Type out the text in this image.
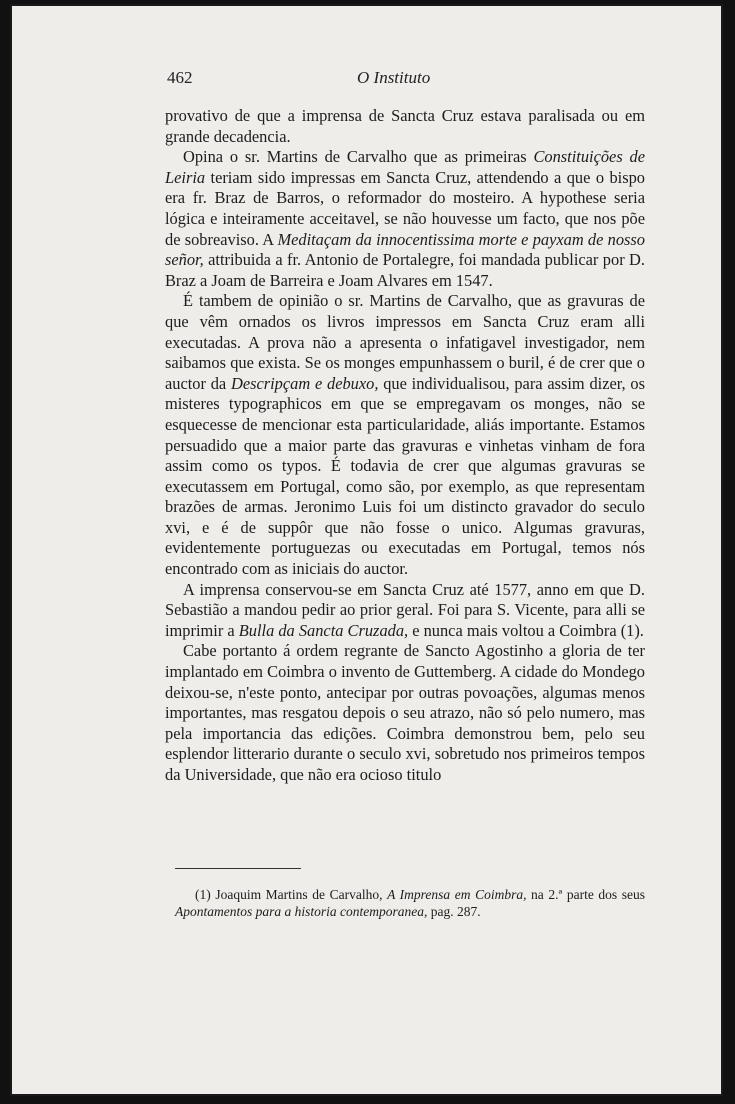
462	O Instituto

provativo de que a imprensa de Sancta Cruz estava paralisada ou em grande decadencia.

Opina o sr. Martins de Carvalho que as primeiras Constituições de Leiria teriam sido impressas em Sancta Cruz, attendendo a que o bispo era fr. Braz de Barros, o reformador do mosteiro. A hypothese seria lógica e inteiramente acceitavel, se não houvesse um facto, que nos põe de sobreaviso. A Meditaçam da innocentissima morte e payxam de nosso señor, attribuida a fr. Antonio de Portalegre, foi mandada publicar por D. Braz a Joam de Barreira e Joam Alvares em 1547.

É tambem de opinião o sr. Martins de Carvalho, que as gravuras de que vêm ornados os livros impressos em Sancta Cruz eram alli executadas. A prova não a apresenta o infatigavel investigador, nem saibamos que exista. Se os monges empunhassem o buril, é de crer que o auctor da Descripçam e debuxo, que individualisou, para assim dizer, os misteres typographicos em que se empregavam os monges, não se esquecesse de mencionar esta particularidade, aliás importante. Estamos persuadido que a maior parte das gravuras e vinhetas vinham de fora assim como os typos. É todavia de crer que algumas gravuras se executassem em Portugal, como são, por exemplo, as que representam brazões de armas. Jeronimo Luis foi um distincto gravador do seculo xvi, e é de suppôr que não fosse o unico. Algumas gravuras, evidentemente portuguezas ou executadas em Portugal, temos nós encontrado com as iniciais do auctor.

A imprensa conservou-se em Sancta Cruz até 1577, anno em que D. Sebastião a mandou pedir ao prior geral. Foi para S. Vicente, para alli se imprimir a Bulla da Sancta Cruzada, e nunca mais voltou a Coimbra (1).

Cabe portanto á ordem regrante de Sancto Agostinho a gloria de ter implantado em Coimbra o invento de Guttemberg. A cidade do Mondego deixou-se, n'este ponto, antecipar por outras povoações, algumas menos importantes, mas resgatou depois o seu atrazo, não só pelo numero, mas pela importancia das edições. Coimbra demonstrou bem, pelo seu esplendor litterario durante o seculo xvi, sobretudo nos primeiros tempos da Universidade, que não era ocioso titulo

(1) Joaquim Martins de Carvalho, A Imprensa em Coimbra, na 2.ª parte dos seus Apontamentos para a historia contemporanea, pag. 287.
